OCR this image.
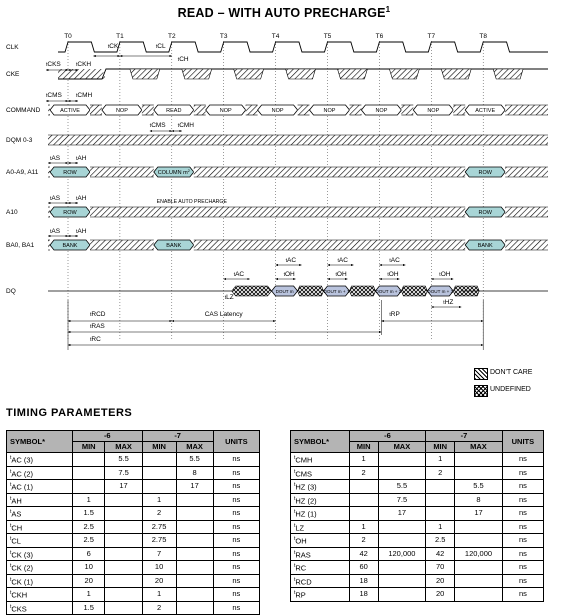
READ – WITH AUTO PRECHARGE$^1$
CLK
CKE
COMMAND
DQM 0-3
A0-A9, A11
A10
BA0, BA1
DQ
T0	T1	T2	T3	T4	T5	T6	T7	T8
ACTIVE	NOP	READ	NOP	NOP	NOP	NOP	NOP	ACTIVE
ROW	COLUMN $m^2$	ROW
ROW	ROW
ENABLE AUTO PRECHARGE
BANK	BANK	BANK
DOUT m	DOUT m + 1	DOUT m + 2	DOUT m + 3
tCK	tCL
tCH
tCKS	tCKH
tCMS	tCMH
tCMS tCMH
tAS	tAH
tAS	tAH
tAS	tAH
tAC
tLZ
tAC
tOH
tAC
tOH
tAC
tOH	tOH
tHZ
tRCD	CAS Latency
tRAS
tRP
tRC
DON'T CARE
UNDEFINED
TIMING PARAMETERS
SYMBOL*	-6		-7		UNITS
	MIN	MAX	MIN	MAX	
$^t$AC (3)		5.5		5.5	ns
$^t$AC (2)		7.5		8	ns
$^t$AC (1)		17		17	ns
$^t$AH	1		1		ns
$^t$AS	1.5		2		ns
$^t$CH	2.5		2.75		ns
$^t$CL	2.5		2.75		ns
$^t$CK (3)	6		7		ns
$^t$CK (2)	10		10		ns
$^t$CK (1)	20		20		ns
$^t$CKH	1		1		ns
$^t$CKS	1.5		2		ns
SYMBOL*	-6		-7		UNITS
	MIN	MAX	MIN	MAX	
$^t$CMH	1		1		ns
$^t$CMS	2		2		ns
$^t$HZ (3)		5.5		5.5	ns
$^t$HZ (2)		7.5		8	ns
$^t$HZ (1)		17		17	ns
$^t$LZ	1		1		ns
$^t$OH	2		2.5		ns
$^t$RAS	42	120,000	42	120,000	ns
$^t$RC	60		70		ns
$^t$RCD	18		20		ns
$^t$RP	18		20		ns
